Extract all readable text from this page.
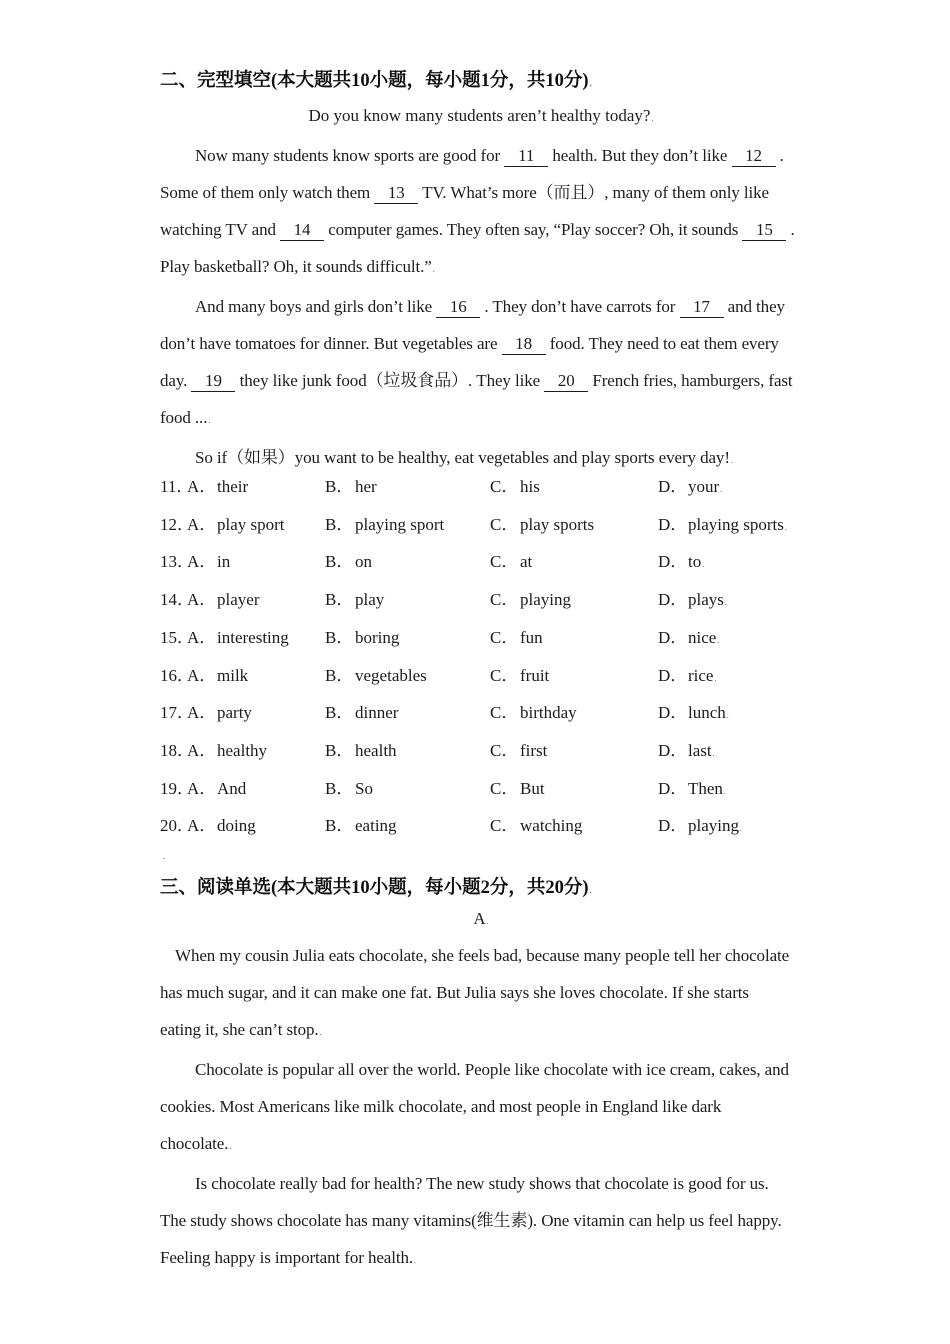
二、完型填空(本大题共10小题，每小题1分，共10分).
Do you know many students aren’t healthy today?.
Now many students know sports are good for 11 health. But they don’t like 12 .
Some of them only watch them 13 TV. What’s more（而且）, many of them only like
watching TV and 14 computer games. They often say, “Play soccer? Oh, it sounds 15 .
Play basketball? Oh, it sounds difficult.”.
And many boys and girls don’t like 16 . They don’t have carrots for 17 and they
don’t have tomatoes for dinner. But vegetables are 18 food. They need to eat them every
day. 19 they like junk food（垃圾食品）. They like 20 French fries, hamburgers, fast
food ....
So if（如果）you want to be healthy, eat vegetables and play sports every day!.
11．
A．their	B．her	C．his	D．your.
12．
A．play sport	B．playing sport	C．play sports	D．playing sports.
13．
A．in	B．on	C．at	D．to.
14．
A．player	B．play	C．playing	D．plays.
15．
A．interesting	B．boring	C．fun	D．nice.
16．
A．milk	B．vegetables	C．fruit	D．rice.
17．
A．party	B．dinner	C．birthday	D．lunch.
18．
A．healthy	B．health	C．first	D．last.
19．
A．And	B．So	C．But	D．Then.
20．
A．doing	B．eating	C．watching	D．playing.
.
三、阅读单选(本大题共10小题，每小题2分，共20分).
A.
When my cousin Julia eats chocolate, she feels bad, because many people tell her chocolate
has much sugar, and it can make one fat. But Julia says she loves chocolate. If she starts
eating it, she can’t stop..
Chocolate is popular all over the world. People like chocolate with ice cream, cakes, and
cookies. Most Americans like milk chocolate, and most people in England like dark
chocolate..
Is chocolate really bad for health? The new study shows that chocolate is good for us.
The study shows chocolate has many vitamins(维生素). One vitamin can help us feel happy.
Feeling happy is important for health..
